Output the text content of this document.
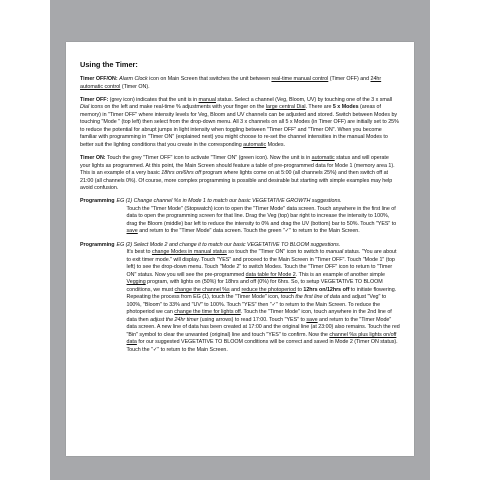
Using the Timer:

Timer OFF/ON: Alarm Clock icon on Main Screen that switches the unit between real-time manual control (Timer OFF) and 24hr automatic control (Timer ON).

Timer OFF: (grey icon) indicates that the unit is in manual status. Select a channel (Veg, Bloom, UV) by touching one of the 3 x small Dial icons on the left and make real-time % adjustments with your finger on the large central Dial. There are 5 x Modes (areas of memory) in "Timer OFF" where intensity levels for Veg, Bloom and UV channels can be adjusted and stored. Switch between Modes by touching "Mode " (top left) then select from the drop-down menu. All 3 x channels on all 5 x Modes (in Timer OFF) are initially set to 25% to reduce the potential for abrupt jumps in light intensity when toggling between "Timer OFF" and "Timer ON". When you become familiar with programming in "Timer ON" (explained next) you might choose to re-set the channel intensities in the manual Modes to better suit the lighting conditions that you create in the corresponding automatic Modes.

Timer ON: Touch the grey "Timer OFF" icon to activate "Timer ON" (green icon). Now the unit is in automatic status and will operate your lights as programmed. At this point, the Main Screen should feature a table of pre-programmed data for Mode 1 (memory area 1). This is an example of a very basic 18hrs on/6hrs off program where lights come on at 5:00 (all channels 25%) and then switch off at 21:00 (all channels 0%). Of course, more complex programming is possible and desirable but starting with simple examples may help avoid confusion.

Programming EG (1) Change channel %s in Mode 1 to match our basic VEGETATIVE GROWTH suggestions.
Touch the "Timer Mode" (Stopwatch) icon to open the "Timer Mode" data screen. Touch anywhere in the first line of data to open the programming screen for that line. Drag the Veg (top) bar right to increase the intensity to 100%, drag the Bloom (middle) bar left to reduce the intensity to 0% and drag the UV (bottom) bar to 50%. Touch "YES" to save and return to the "Timer Mode" data screen. Touch the green "✓" to return to the Main Screen.
Programming EG (2) Select Mode 2 and change it to match our basic VEGETATIVE TO BLOOM suggestions.
It's best to change Modes in manual status so touch the "Timer ON" icon to switch to manual status. "You are about to exit timer mode." will display. Touch "YES" and proceed to the Main Screen in "Timer OFF". Touch "Mode 1" (top left) to see the drop-down menu. Touch "Mode 2" to switch Modes. Touch the "Timer OFF" icon to return to "Timer ON" status. Now you will see the pre-programmed data table for Mode 2. This is an example of another simple Vegging program, with lights on (50%) for 18hrs and off (0%) for 6hrs. So, to setup VEGETATIVE TO BLOOM conditions, we must change the channel %s and reduce the photoperiod to 12hrs on/12hrs off to initiate flowering. Repeating the process from EG (1), touch the "Timer Mode" icon, touch the first line of data and adjust "Veg" to 100%, "Bloom" to 33% and "UV" to 100%. Touch "YES" then "✓" to return to the Main Screen. To reduce the photoperiod we can change the time for lights off. Touch the "Timer Mode" icon, touch anywhere in the 2nd line of data then adjust the 24hr timer (using arrows) to read 17:00. Touch "YES" to save and return to the "Timer Mode" data screen. A new line of data has been created at 17:00 and the original line (at 23:00) also remains. Touch the red "Bin" symbol to clear the unwanted (original) line and touch "YES" to confirm. Now the channel %s plus lights on/off data for our suggested VEGETATIVE TO BLOOM conditions will be correct and saved in Mode 2 (Timer ON status). Touch the "✓" to return to the Main Screen.
